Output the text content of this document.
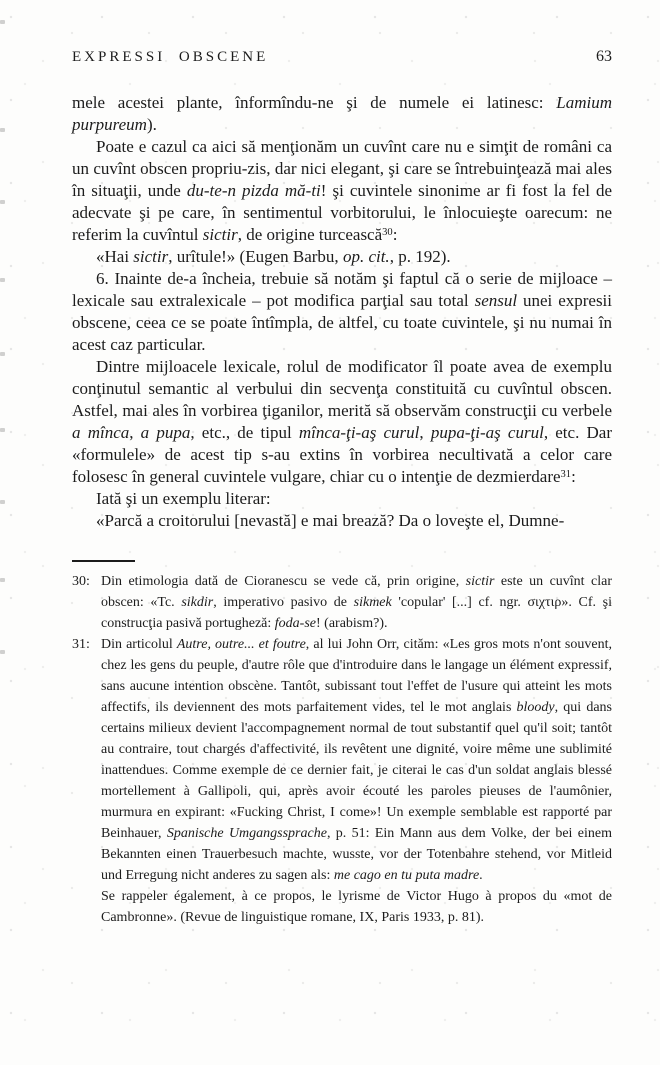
EXPRESSI OBSCENE	63

mele acestei plante, înformîndu-ne şi de numele ei latinesc: Lamium purpureum).

Poate e cazul ca aici să menţionăm un cuvînt care nu e simţit de români ca un cuvînt obscen propriu-zis, dar nici elegant, şi care se întrebuinţează mai ales în situaţii, unde du-te-n pizda mă-ti! şi cuvintele sinonime ar fi fost la fel de adecvate şi pe care, în sentimentul vorbitorului, le înlocuieşte oarecum: ne referim la cuvîntul sictir, de origine turcească$^{30}$:

«Hai sictir, urîtule!» (Eugen Barbu, op. cit., p. 192).

6. Inainte de-a încheia, trebuie să notăm şi faptul că o serie de mijloace – lexicale sau extralexicale – pot modifica parţial sau total sensul unei expresii obscene, ceea ce se poate întîmpla, de altfel, cu toate cuvintele, şi nu numai în acest caz particular.

Dintre mijloacele lexicale, rolul de modificator îl poate avea de exemplu conţinutul semantic al verbului din secvenţa constituită cu cuvîntul obscen. Astfel, mai ales în vorbirea ţiganilor, merită să observăm construcţii cu verbele a mînca, a pupa, etc., de tipul mînca-ţi-aş curul, pupa-ţi-aş curul, etc. Dar «formulele» de acest tip s-au extins în vorbirea necultivată a celor care folosesc în general cuvintele vulgare, chiar cu o intenţie de dezmierdare$^{31}$:

Iată şi un exemplu literar:

«Parcă a croitorului [nevastă] e mai brează? Da o loveşte el, Dumne-

30: Din etimologia dată de Cioranescu se vede că, prin origine, sictir este un cuvînt clar obscen: «Tc. sikdir, imperativo pasivo de sikmek 'copular' [...] cf. ngr. σιχτιρ». Cf. şi construcţia pasivă portugheză: foda-se! (arabism?).

31: Din articolul Autre, outre... et foutre, al lui John Orr, cităm: «Les gros mots n'ont souvent, chez les gens du peuple, d'autre rôle que d'introduire dans le langage un élément expressif, sans aucune intention obscène. Tantôt, subissant tout l'effet de l'usure qui atteint les mots affectifs, ils deviennent des mots parfaitement vides, tel le mot anglais bloody, qui dans certains milieux devient l'accompagnement normal de tout substantif quel qu'il soit; tantôt au contraire, tout chargés d'affectivité, ils revêtent une dignité, voire même une sublimité inattendues. Comme exemple de ce dernier fait, je citerai le cas d'un soldat anglais blessé mortellement à Gallipoli, qui, après avoir écouté les paroles pieuses de l'aumônier, murmura en expirant: «Fucking Christ, I come»! Un exemple semblable est rapporté par Beinhauer, Spanische Umgangssprache, p. 51: Ein Mann aus dem Volke, der bei einem Bekannten einen Trauerbesuch machte, wusste, vor der Totenbahre stehend, vor Mitleid und Erregung nicht anderes zu sagen als: me cago en tu puta madre.

Se rappeler également, à ce propos, le lyrisme de Victor Hugo à propos du «mot de Cambronne». (Revue de linguistique romane, IX, Paris 1933, p. 81).
